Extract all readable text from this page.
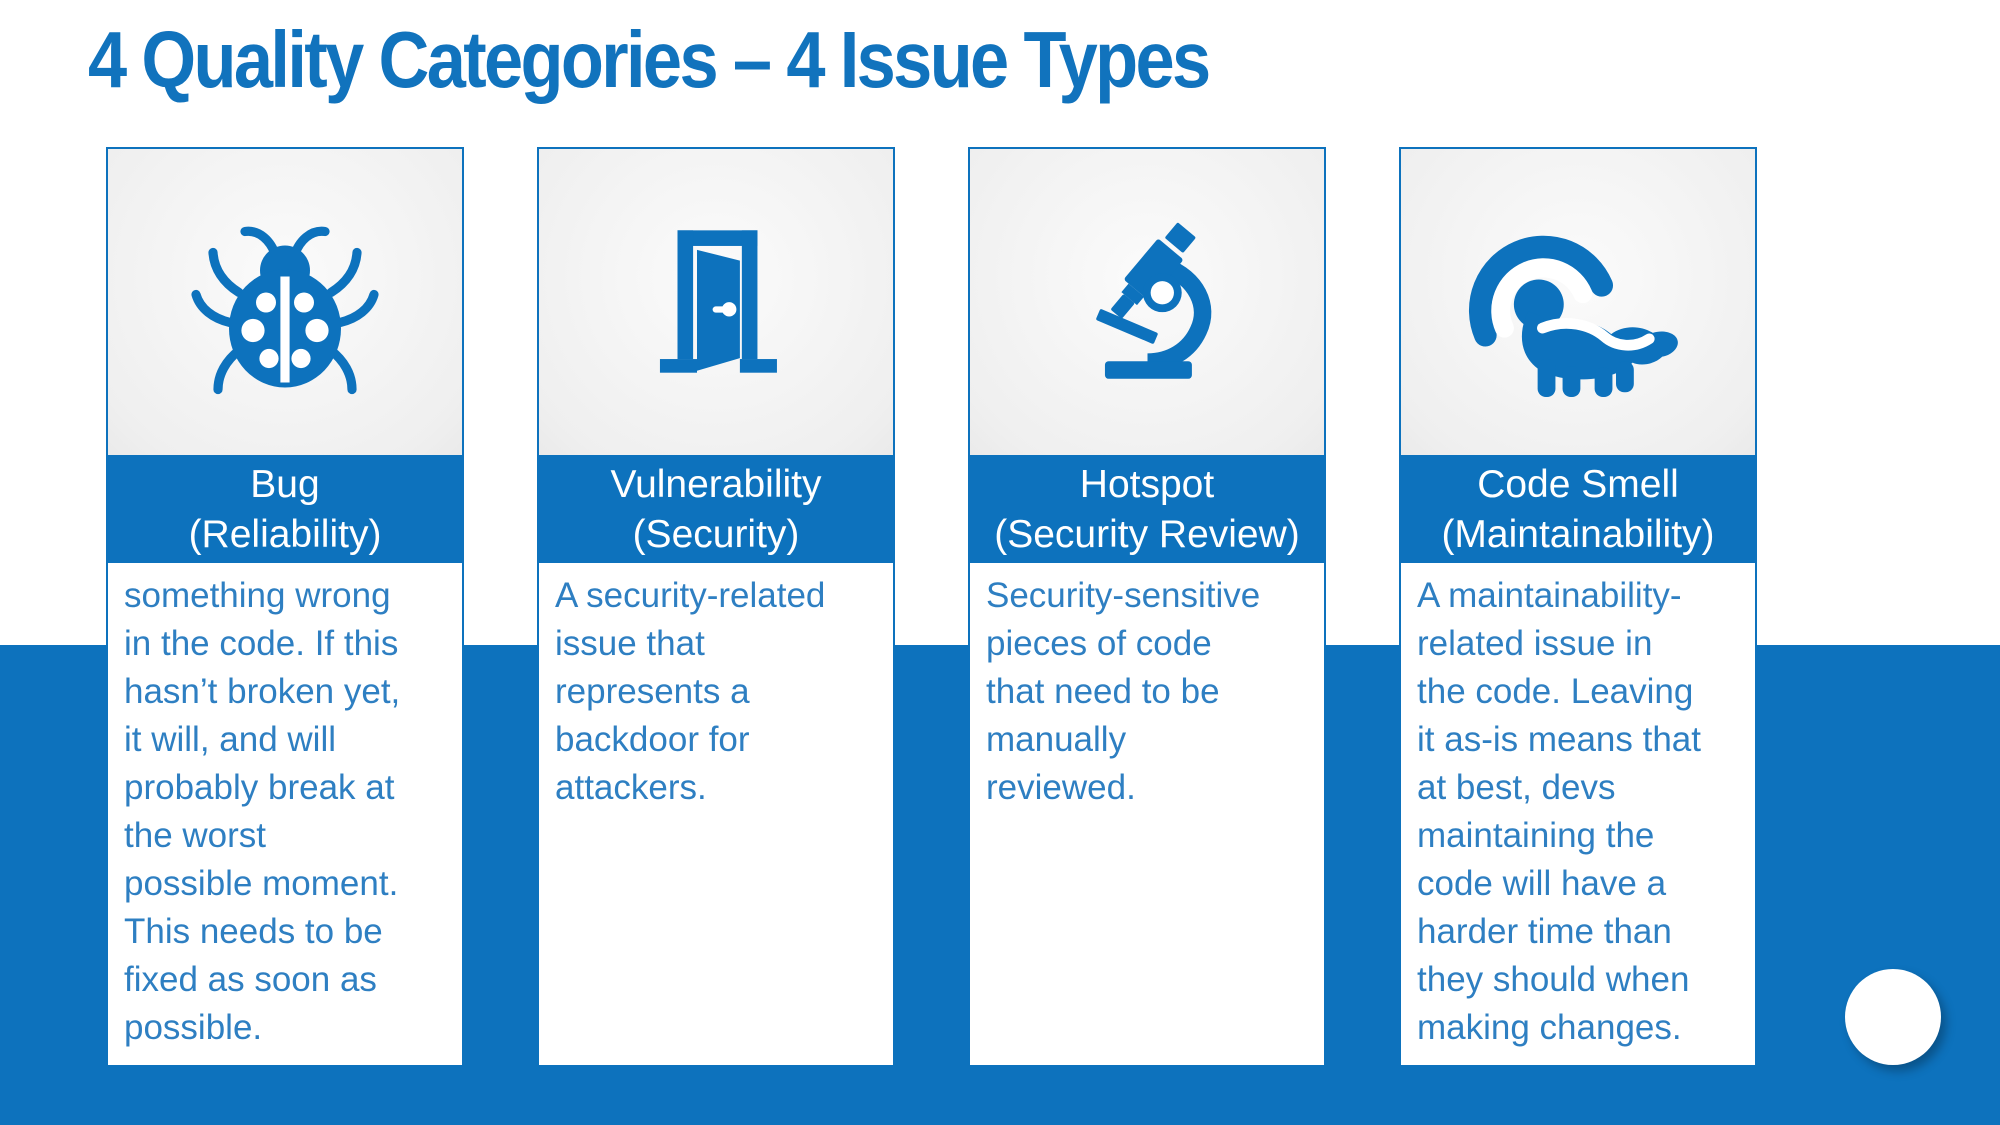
4 Quality Categories – 4 Issue Types
Bug
(Reliability)
something wrong
in the code. If this
hasn’t broken yet,
it will, and will
probably break at
the worst
possible moment.
This needs to be
fixed as soon as
possible.
Vulnerability
(Security)
A security-related
issue that
represents a
backdoor for
attackers.
Hotspot
(Security Review)
Security-sensitive
pieces of code
that need to be
manually
reviewed.
Code Smell
(Maintainability)
A maintainability-
related issue in
the code. Leaving
it as-is means that
at best, devs
maintaining the
code will have a
harder time than
they should when
making changes.
